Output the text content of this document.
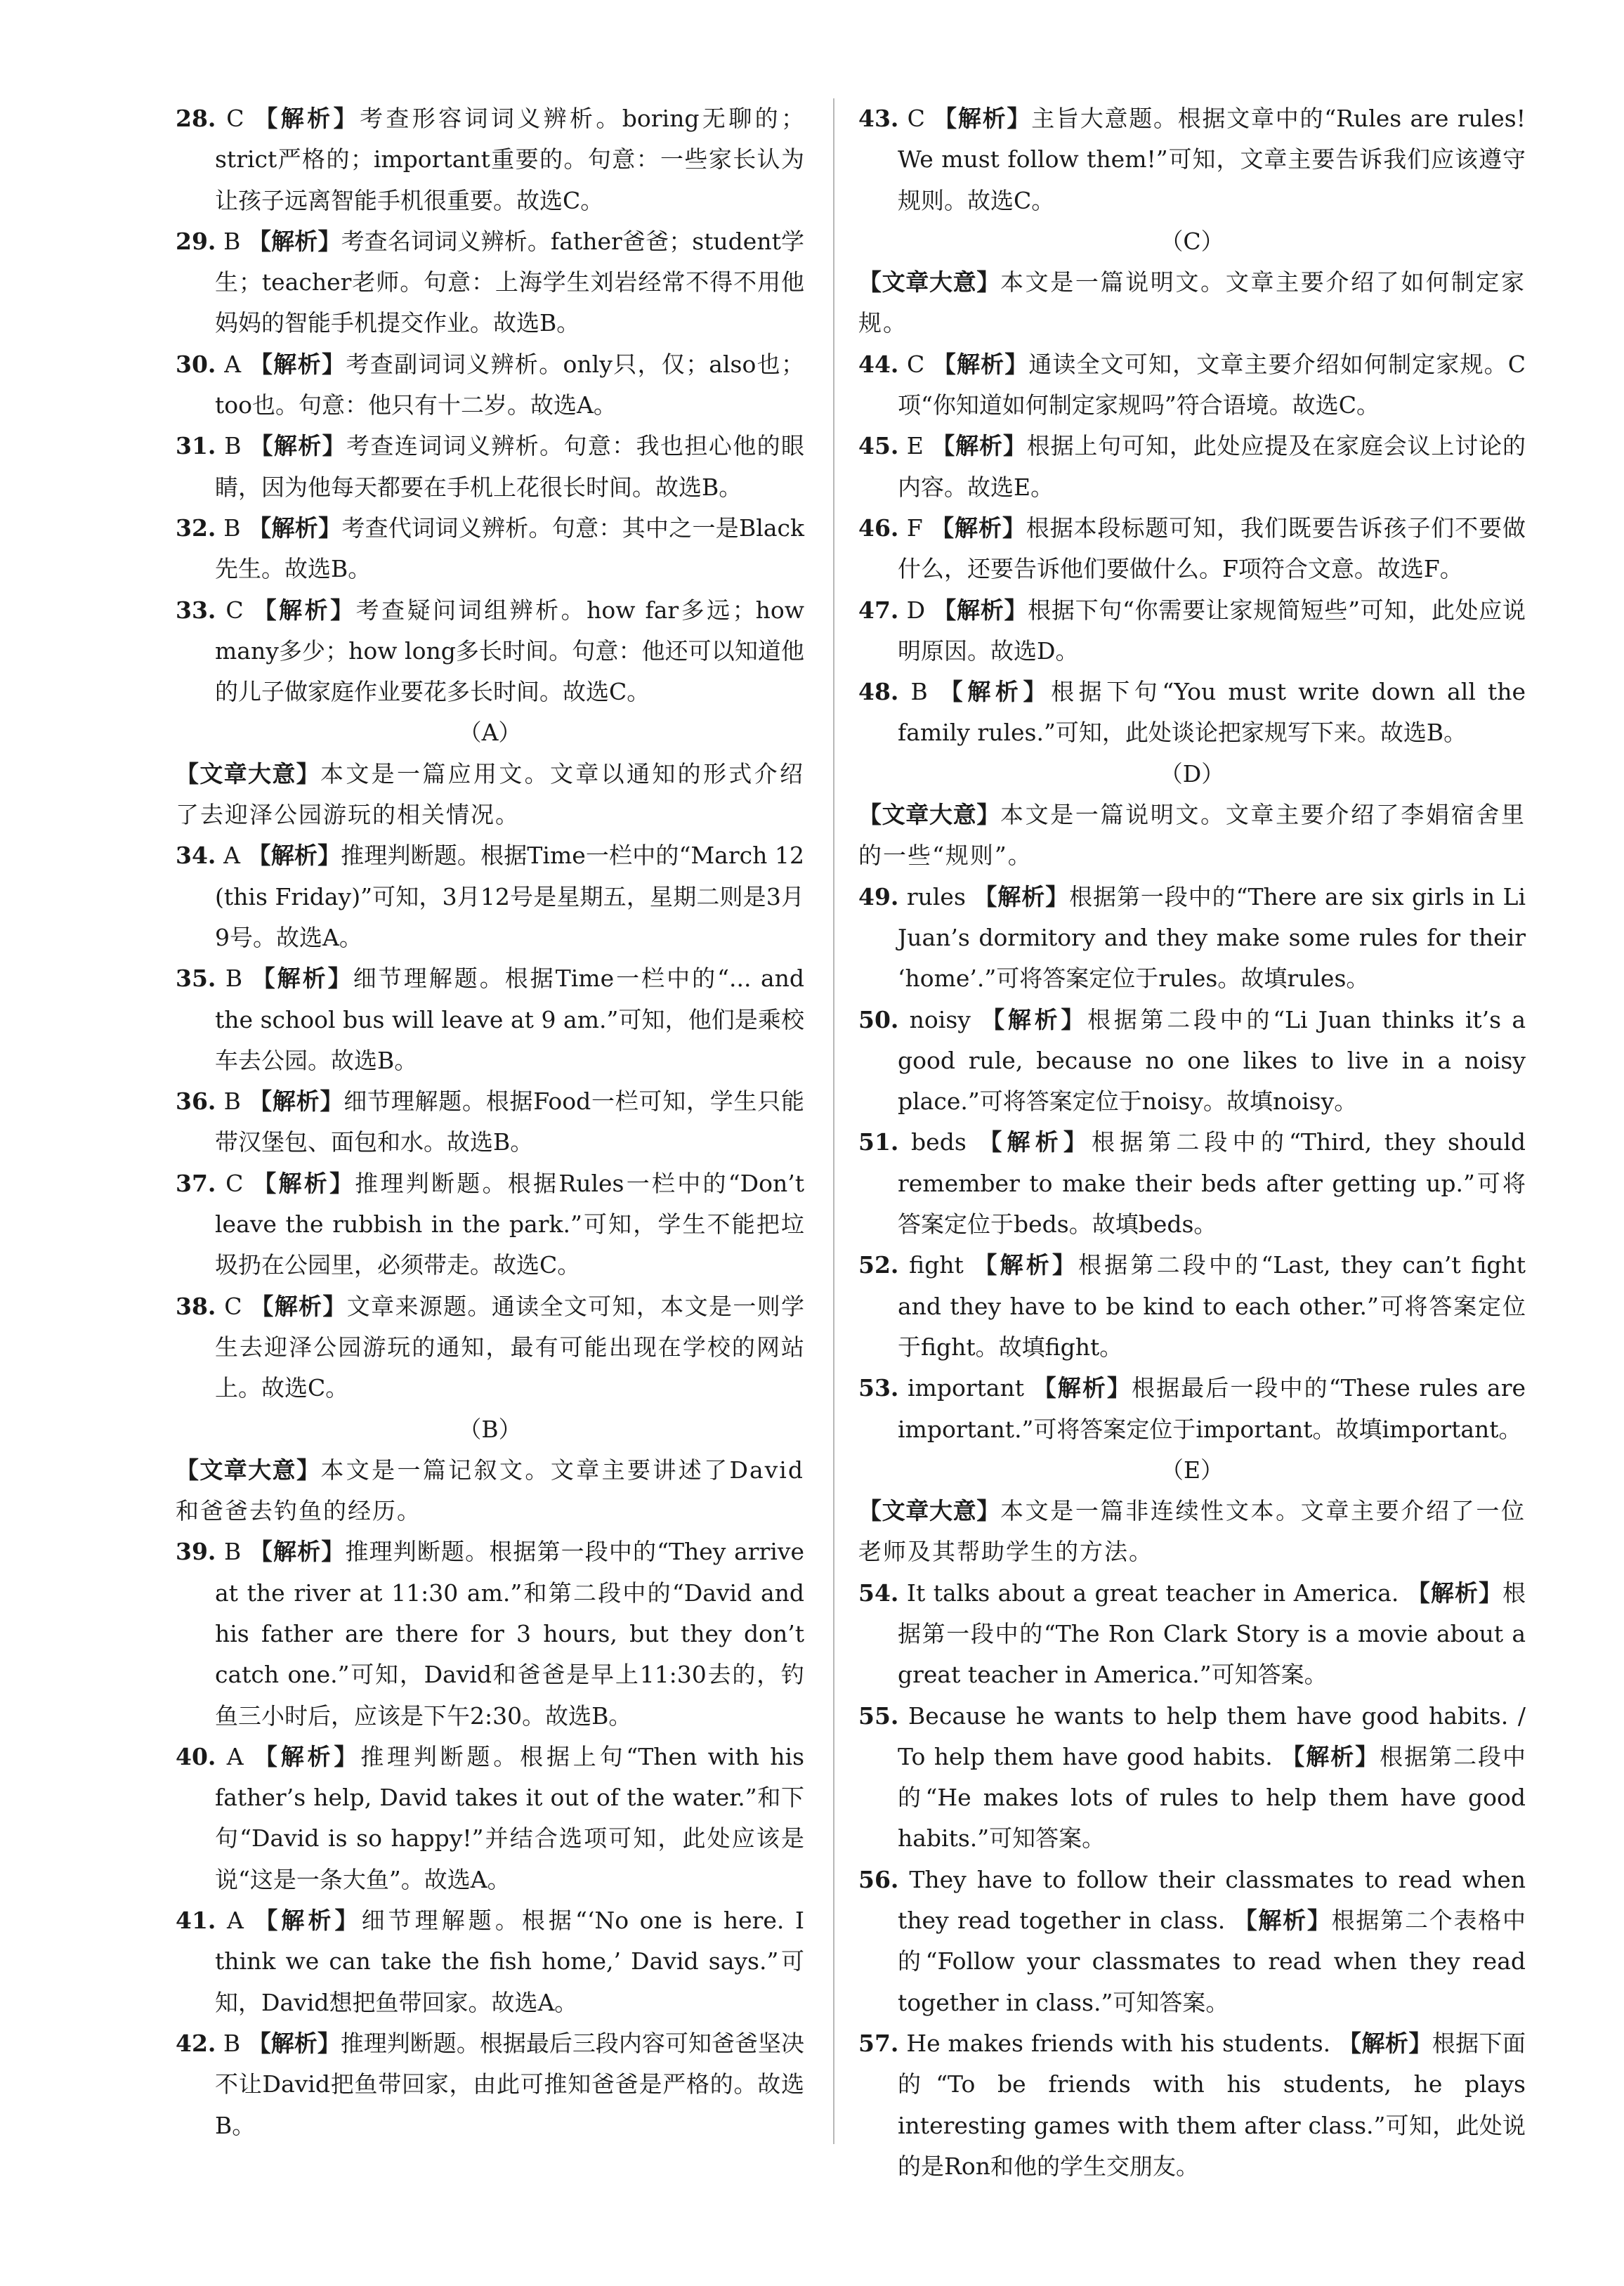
28. C 【解析】考查形容词词义辨析。boring无聊的；strict严格的；important重要的。句意：一些家长认为让孩子远离智能手机很重要。故选C。

29. B 【解析】考查名词词义辨析。father爸爸；student学生；teacher老师。句意：上海学生刘岩经常不得不用他妈妈的智能手机提交作业。故选B。

30. A 【解析】考查副词词义辨析。only只，仅；also也；too也。句意：他只有十二岁。故选A。

31. B 【解析】考查连词词义辨析。句意：我也担心他的眼睛，因为他每天都要在手机上花很长时间。故选B。

32. B 【解析】考查代词词义辨析。句意：其中之一是Black先生。故选B。

33. C 【解析】考查疑问词组辨析。how far多远；how many多少；how long多长时间。句意：他还可以知道他的儿子做家庭作业要花多长时间。故选C。

（A）

【文章大意】本文是一篇应用文。文章以通知的形式介绍了去迎泽公园游玩的相关情况。

34. A 【解析】推理判断题。根据Time一栏中的“March 12 (this Friday)”可知，3月12号是星期五，星期二则是3月9号。故选A。

35. B 【解析】细节理解题。根据Time一栏中的“... and the school bus will leave at 9 am.”可知，他们是乘校车去公园。故选B。

36. B 【解析】细节理解题。根据Food一栏可知，学生只能带汉堡包、面包和水。故选B。

37. C 【解析】推理判断题。根据Rules一栏中的“Don’t leave the rubbish in the park.”可知，学生不能把垃圾扔在公园里，必须带走。故选C。

38. C 【解析】文章来源题。通读全文可知，本文是一则学生去迎泽公园游玩的通知，最有可能出现在学校的网站上。故选C。

（B）

【文章大意】本文是一篇记叙文。文章主要讲述了David和爸爸去钓鱼的经历。

39. B 【解析】推理判断题。根据第一段中的“They arrive at the river at 11:30 am.”和第二段中的“David and his father are there for 3 hours, but they don’t catch one.”可知，David和爸爸是早上11:30去的，钓鱼三小时后，应该是下午2:30。故选B。

40. A 【解析】推理判断题。根据上句“Then with his father’s help, David takes it out of the water.”和下句“David is so happy!”并结合选项可知，此处应该是说“这是一条大鱼”。故选A。

41. A 【解析】细节理解题。根据“‘No one is here. I think we can take the fish home,’ David says.”可知，David想把鱼带回家。故选A。

42. B 【解析】推理判断题。根据最后三段内容可知爸爸坚决不让David把鱼带回家，由此可推知爸爸是严格的。故选B。

43. C 【解析】主旨大意题。根据文章中的“Rules are rules! We must follow them!”可知，文章主要告诉我们应该遵守规则。故选C。

（C）

【文章大意】本文是一篇说明文。文章主要介绍了如何制定家规。

44. C 【解析】通读全文可知，文章主要介绍如何制定家规。C项“你知道如何制定家规吗”符合语境。故选C。

45. E 【解析】根据上句可知，此处应提及在家庭会议上讨论的内容。故选E。

46. F 【解析】根据本段标题可知，我们既要告诉孩子们不要做什么，还要告诉他们要做什么。F项符合文意。故选F。

47. D 【解析】根据下句“你需要让家规简短些”可知，此处应说明原因。故选D。

48. B 【解析】根据下句“You must write down all the family rules.”可知，此处谈论把家规写下来。故选B。

（D）

【文章大意】本文是一篇说明文。文章主要介绍了李娟宿舍里的一些“规则”。

49. rules 【解析】根据第一段中的“There are six girls in Li Juan’s dormitory and they make some rules for their ‘home’.”可将答案定位于rules。故填rules。

50. noisy 【解析】根据第二段中的“Li Juan thinks it’s a good rule, because no one likes to live in a noisy place.”可将答案定位于noisy。故填noisy。

51. beds 【解析】根据第二段中的“Third, they should remember to make their beds after getting up.”可将答案定位于beds。故填beds。

52. fight 【解析】根据第二段中的“Last, they can’t fight and they have to be kind to each other.”可将答案定位于fight。故填fight。

53. important 【解析】根据最后一段中的“These rules are important.”可将答案定位于important。故填important。

（E）

【文章大意】本文是一篇非连续性文本。文章主要介绍了一位老师及其帮助学生的方法。

54. It talks about a great teacher in America. 【解析】根据第一段中的“The Ron Clark Story is a movie about a great teacher in America.”可知答案。

55. Because he wants to help them have good habits. / To help them have good habits. 【解析】根据第二段中的“He makes lots of rules to help them have good habits.”可知答案。

56. They have to follow their classmates to read when they read together in class. 【解析】根据第二个表格中的“Follow your classmates to read when they read together in class.”可知答案。

57. He makes friends with his students. 【解析】根据下面的“To be friends with his students, he plays interesting games with them after class.”可知，此处说的是Ron和他的学生交朋友。
